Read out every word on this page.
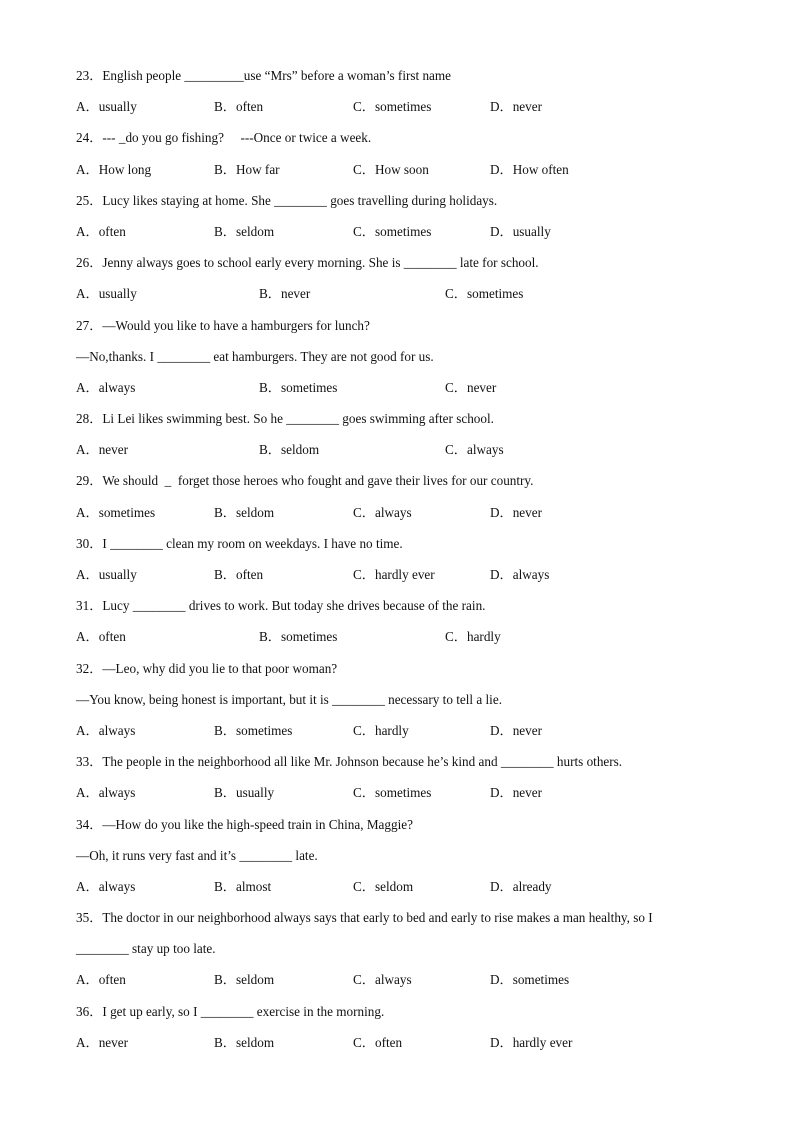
23．English people _________use “Mrs” before a woman’s first name
A．usually	B．often	C．sometimes	D．never
24．--- _do you go fishing?     ---Once or twice a week.
A．How long	B．How far	C．How soon	D．How often
25．Lucy likes staying at home. She ________ goes travelling during holidays.
A．often	B．seldom	C．sometimes	D．usually
26．Jenny always goes to school early every morning. She is ________ late for school.
A．usually	B．never	C．sometimes
27．—Would you like to have a hamburgers for lunch?
—No,thanks. I ________ eat hamburgers. They are not good for us.
A．always	B．sometimes	C．never
28．Li Lei likes swimming best. So he ________ goes swimming after school.
A．never	B．seldom	C．always
29．We should  _  forget those heroes who fought and gave their lives for our country.
A．sometimes	B．seldom	C．always	D．never
30．I ________ clean my room on weekdays. I have no time.
A．usually	B．often	C．hardly ever	D．always
31．Lucy ________ drives to work. But today she drives because of the rain.
A．often	B．sometimes	C．hardly
32．—Leo, why did you lie to that poor woman?
—You know, being honest is important, but it is ________ necessary to tell a lie.
A．always	B．sometimes	C．hardly	D．never
33．The people in the neighborhood all like Mr. Johnson because he’s kind and ________ hurts others.
A．always	B．usually	C．sometimes	D．never
34．—How do you like the high-speed train in China, Maggie?
—Oh, it runs very fast and it’s ________ late.
A．always	B．almost	C．seldom	D．already
35．The doctor in our neighborhood always says that early to bed and early to rise makes a man healthy, so I
________ stay up too late.
A．often	B．seldom	C．always	D．sometimes
36．I get up early, so I ________ exercise in the morning.
A．never	B．seldom	C．often	D．hardly ever
